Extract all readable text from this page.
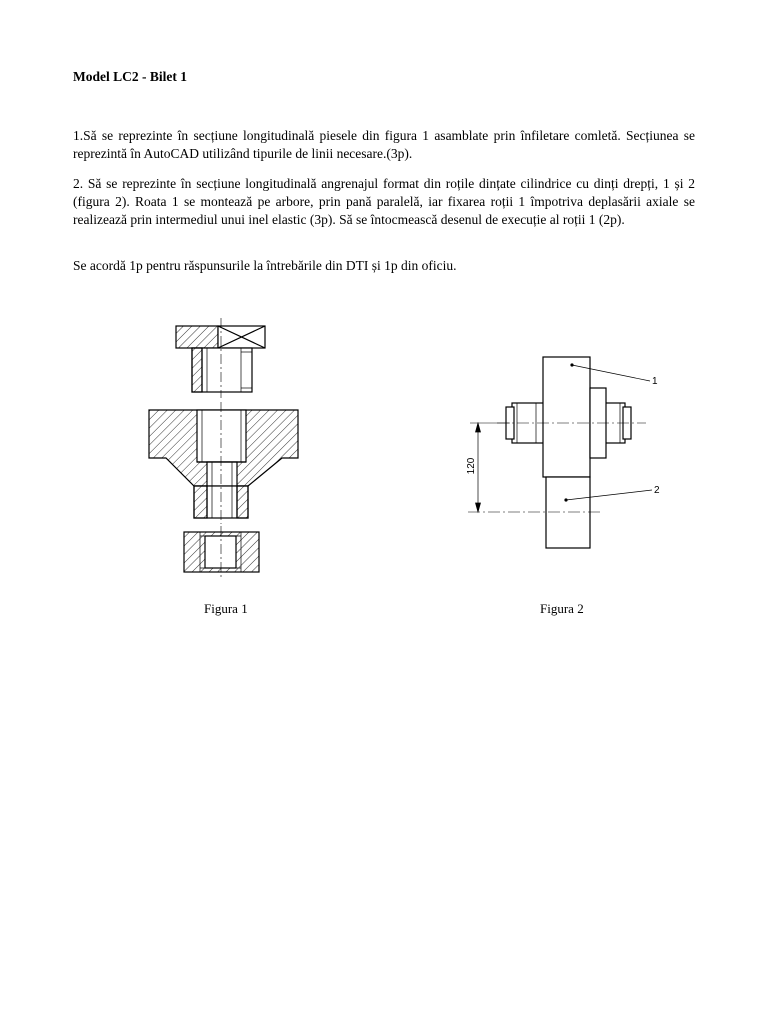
Model LC2 - Bilet 1

1.Să se reprezinte în secțiune longitudinală piesele din figura 1 asamblate prin înfiletare comletă. Secțiunea se reprezintă în AutoCAD utilizând tipurile de linii necesare.(3p).

2. Să se reprezinte în secțiune longitudinală angrenajul format din roțile dințate cilindrice cu dinți drepți, 1 și 2 (figura 2). Roata 1 se montează pe arbore, prin pană paralelă, iar fixarea roții 1 împotriva deplasării axiale se realizează prin intermediul unui inel elastic (3p). Să se întocmească desenul de execuție al roții 1 (2p).

Se acordă 1p pentru răspunsurile la întrebările din DTI și 1p din oficiu.

120
1
2
Figura 1	Figura 2
